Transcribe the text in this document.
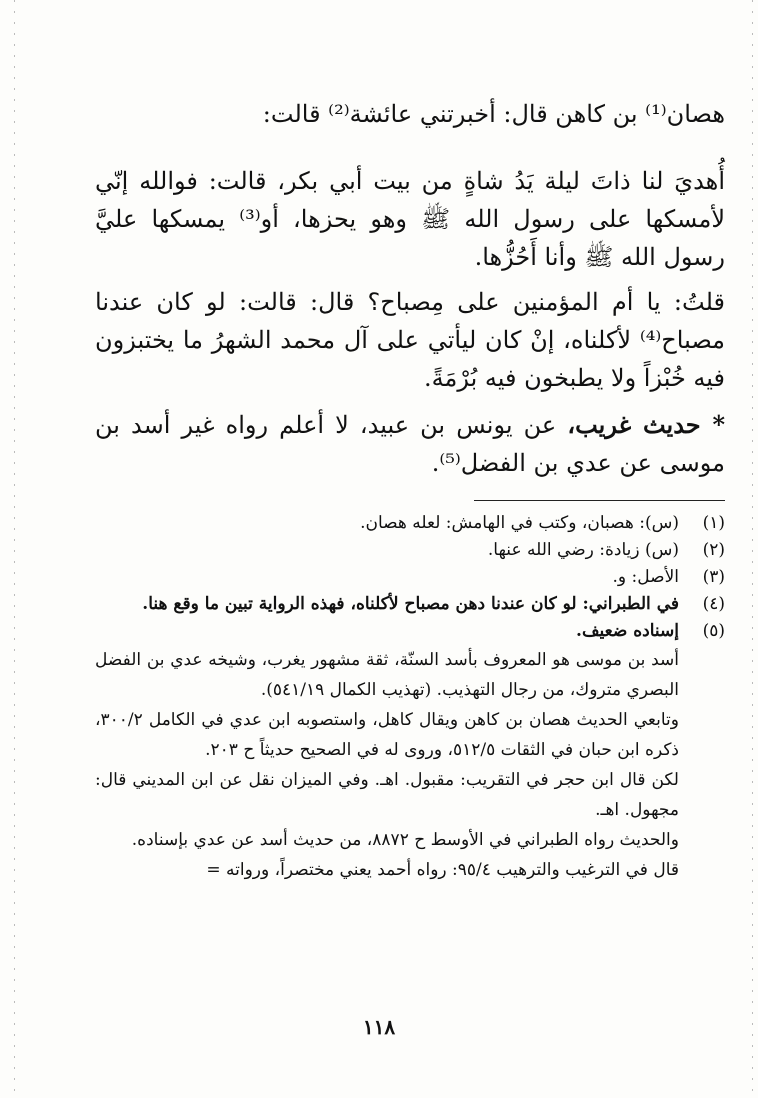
هصان⁽¹⁾ بن كاهن قال: أخبرتني عائشة⁽²⁾ قالت:

أُهديَ لنا ذاتَ ليلة يَدُ شاةٍ من بيت أبي بكر، قالت: فوالله إنّي لأمسكها على رسول الله ﷺ وهو يحزها، أو⁽³⁾ يمسكها عليَّ رسول الله ﷺ وأنا أَحُزُّها.

قلتُ: يا أم المؤمنين على مِصباح؟ قال: قالت: لو كان عندنا مصباح⁽⁴⁾ لأكلناه، إنْ كان ليأتي على آل محمد الشهرُ ما يختبزون فيه خُبْزاً ولا يطبخون فيه بُرْمَةً.

* حديث غريب، عن يونس بن عبيد، لا أعلم رواه غير أسد بن موسى عن عدي بن الفضل⁽⁵⁾.

(١)
(س): هصبان، وكتب في الهامش: لعله هصان.
(٢)
(س) زيادة: رضي الله عنها.
(٣)
الأصل: و.
(٤)
في الطبراني: لو كان عندنا دهن مصباح لأكلناه، فهذه الرواية تبين ما وقع هنا.
(٥)
إسناده ضعيف.
أسد بن موسى هو المعروف بأسد السنّة، ثقة مشهور يغرب، وشيخه عدي بن الفضل البصري متروك، من رجال التهذيب. (تهذيب الكمال ٥٤١/١٩).
وتابعي الحديث هصان بن كاهن ويقال كاهل، واستصوبه ابن عدي في الكامل ٣٠٠/٢، ذكره ابن حبان في الثقات ٥١٢/٥، وروى له في الصحيح حديثاً ح ٢٠٣.
لكن قال ابن حجر في التقريب: مقبول. اهـ. وفي الميزان نقل عن ابن المديني قال: مجهول. اهـ.
والحديث رواه الطبراني في الأوسط ح ٨٨٧٢، من حديث أسد عن عدي بإسناده.
قال في الترغيب والترهيب ٩٥/٤: رواه أحمد يعني مختصراً، ورواته =
١١٨
